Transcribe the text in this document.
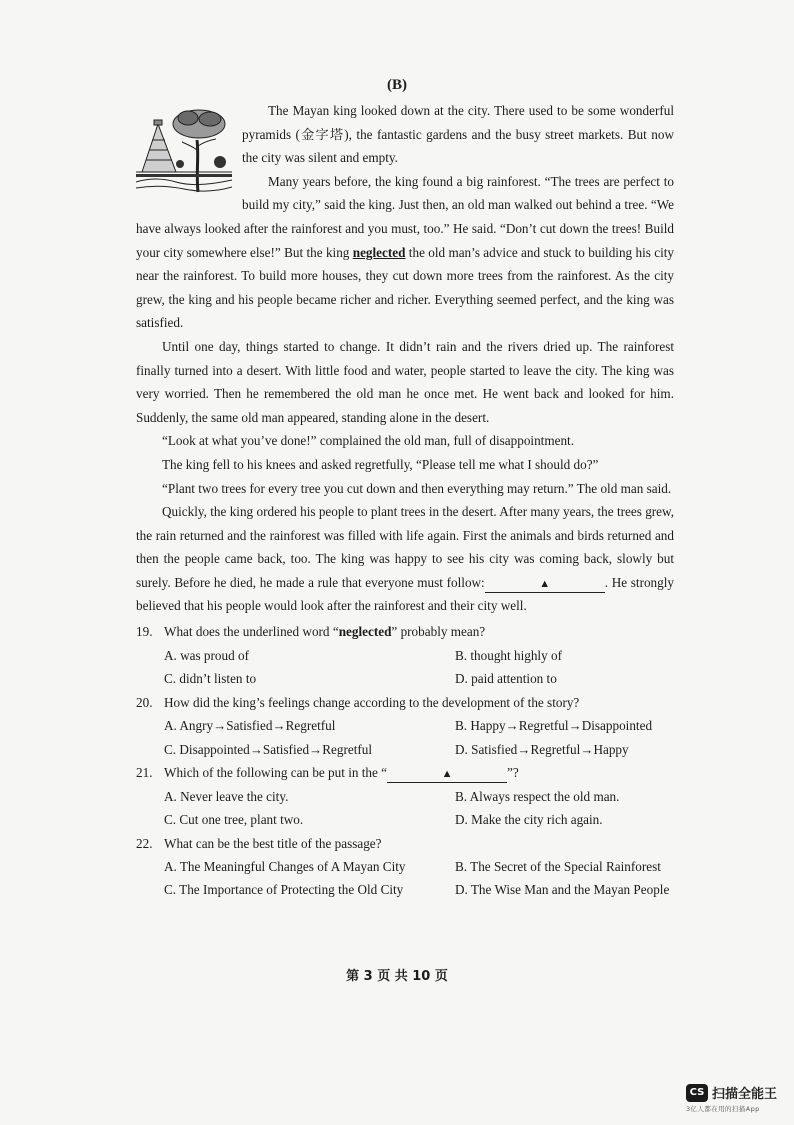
(B)
The Mayan king looked down at the city. There used to be some wonderful pyramids (金字塔), the fantastic gardens and the busy street markets. But now the city was silent and empty.
Many years before, the king found a big rainforest. “The trees are perfect to build my city,” said the king. Just then, an old man walked out behind a tree. “We have always looked after the rainforest and you must, too.” He said. “Don’t cut down the trees! Build your city somewhere else!” But the king neglected the old man’s advice and stuck to building his city near the rainforest. To build more houses, they cut down more trees from the rainforest. As the city grew, the king and his people became richer and richer. Everything seemed perfect, and the king was satisfied.
Until one day, things started to change. It didn’t rain and the rivers dried up. The rainforest finally turned into a desert. With little food and water, people started to leave the city. The king was very worried. Then he remembered the old man he once met. He went back and looked for him. Suddenly, the same old man appeared, standing alone in the desert.
“Look at what you’ve done!” complained the old man, full of disappointment.
The king fell to his knees and asked regretfully, “Please tell me what I should do?”
“Plant two trees for every tree you cut down and then everything may return.” The old man said.
Quickly, the king ordered his people to plant trees in the desert. After many years, the trees grew, the rain returned and the rainforest was filled with life again. First the animals and birds returned and then the people came back, too. The king was happy to see his city was coming back, slowly but surely. Before he died, he made a rule that everyone must follow:	▲	. He strongly believed that his people would look after the rainforest and their city well.
19. What does the underlined word “neglected” probably mean?
A. was proud of	B. thought highly of
C. didn’t listen to	D. paid attention to
20. How did the king’s feelings change according to the development of the story?
A. Angry→Satisfied→Regretful	B. Happy→Regretful→Disappointed
C. Disappointed→Satisfied→Regretful	D. Satisfied→Regretful→Happy
21. Which of the following can be put in the “	▲	”?
A. Never leave the city.	B. Always respect the old man.
C. Cut one tree, plant two.	D. Make the city rich again.
22. What can be the best title of the passage?
A. The Meaningful Changes of A Mayan City	B. The Secret of the Special Rainforest
C. The Importance of Protecting the Old City	D. The Wise Man and the Mayan People
第 3 页 共 10 页
CS 扫描全能王
3亿人都在用的扫描App
